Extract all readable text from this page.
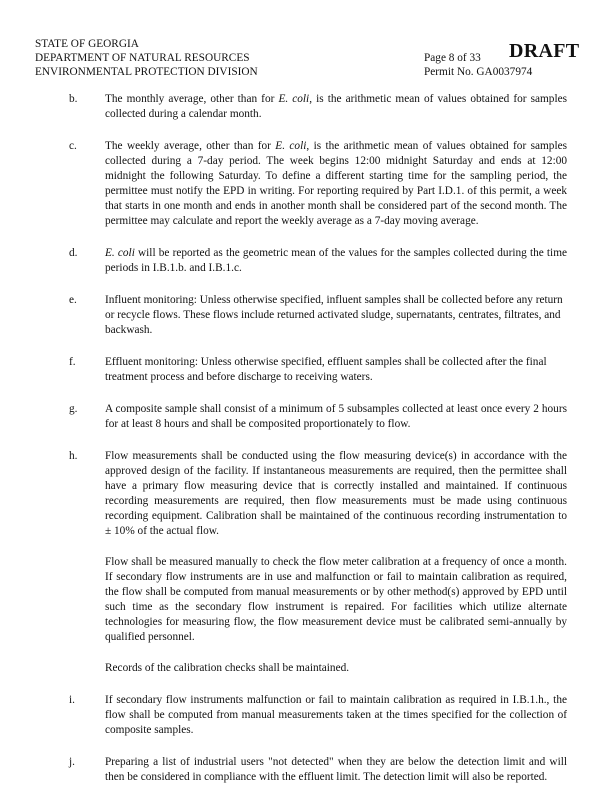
STATE OF GEORGIA
DEPARTMENT OF NATURAL RESOURCES
ENVIRONMENTAL PROTECTION DIVISION
Page 8 of 33
Permit No. GA0037974
DRAFT
b. The monthly average, other than for E. coli, is the arithmetic mean of values obtained for samples collected during a calendar month.
c. The weekly average, other than for E. coli, is the arithmetic mean of values obtained for samples collected during a 7-day period. The week begins 12:00 midnight Saturday and ends at 12:00 midnight the following Saturday. To define a different starting time for the sampling period, the permittee must notify the EPD in writing. For reporting required by Part I.D.1. of this permit, a week that starts in one month and ends in another month shall be considered part of the second month. The permittee may calculate and report the weekly average as a 7-day moving average.
d. E. coli will be reported as the geometric mean of the values for the samples collected during the time periods in I.B.1.b. and I.B.1.c.
e. Influent monitoring: Unless otherwise specified, influent samples shall be collected before any return or recycle flows. These flows include returned activated sludge, supernatants, centrates, filtrates, and backwash.
f.	Effluent monitoring: Unless otherwise specified, effluent samples shall be collected after the final treatment process and before discharge to receiving waters.
g. A composite sample shall consist of a minimum of 5 subsamples collected at least once every 2 hours for at least 8 hours and shall be composited proportionately to flow.
h. Flow measurements shall be conducted using the flow measuring device(s) in accordance with the approved design of the facility. If instantaneous measurements are required, then the permittee shall have a primary flow measuring device that is correctly installed and maintained. If continuous recording measurements are required, then flow measurements must be made using continuous recording equipment. Calibration shall be maintained of the continuous recording instrumentation to ± 10% of the actual flow.

Flow shall be measured manually to check the flow meter calibration at a frequency of once a month. If secondary flow instruments are in use and malfunction or fail to maintain calibration as required, the flow shall be computed from manual measurements or by other method(s) approved by EPD until such time as the secondary flow instrument is repaired. For facilities which utilize alternate technologies for measuring flow, the flow measurement device must be calibrated semi-annually by qualified personnel.

Records of the calibration checks shall be maintained.

i.	If secondary flow instruments malfunction or fail to maintain calibration as required in I.B.1.h., the flow shall be computed from manual measurements taken at the times specified for the collection of composite samples.
j.	Preparing a list of industrial users "not detected" when they are below the detection limit and will then be considered in compliance with the effluent limit. The detection limit will also be reported.
